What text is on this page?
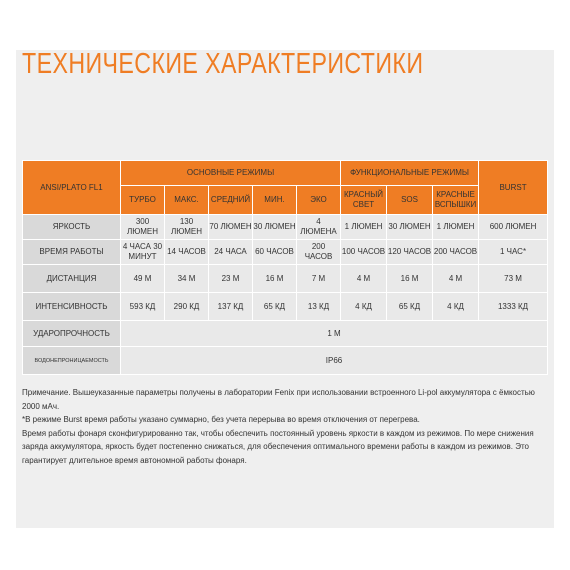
ТЕХНИЧЕСКИЕ ХАРАКТЕРИСТИКИ
ANSI/PLATO FL1	ОСНОВНЫЕ РЕЖИМЫ					ФУНКЦИОНАЛЬНЫЕ РЕЖИМЫ			BURST
	ТУРБО	МАКС.	СРЕДНИЙ	МИН.	ЭКО	КРАСНЫЙ СВЕТ	SOS	КРАСНЫЕ ВСПЫШКИ	
ЯРКОСТЬ	300 ЛЮМЕН	130 ЛЮМЕН	70 ЛЮМЕН	30 ЛЮМЕН	4 ЛЮМЕНА	1 ЛЮМЕН	30 ЛЮМЕН	1 ЛЮМЕН	600 ЛЮМЕН
ВРЕМЯ РАБОТЫ	4 ЧАСА 30 МИНУТ	14 ЧАСОВ	24 ЧАСА	60 ЧАСОВ	200 ЧАСОВ	100 ЧАСОВ	120 ЧАСОВ	200 ЧАСОВ	1 ЧАС*
ДИСТАНЦИЯ	49 М	34 М	23 М	16 М	7 М	4 М	16 М	4 М	73 М
ИНТЕНСИВНОСТЬ	593 КД	290 КД	137 КД	65 КД	13 КД	4 КД	65 КД	4 КД	1333 КД
УДАРОПРОЧНОСТЬ	1 М								
ВОДОНЕПРОНИЦАЕМОСТЬ	IP66								

Примечание. Вышеуказанные параметры получены в лаборатории Fenix при использовании встроенного Li-pol аккумулятора с ёмкостью 2000 мАч.

*В режиме Burst время работы указано суммарно, без учета перерыва во время отключения от перегрева.

Время работы фонаря сконфигурированно так, чтобы обеспечить постоянный уровень яркости в каждом из режимов. По мере снижения заряда аккумулятора, яркость будет постепенно снижаться, для обеспечения оптимального времени работы в каждом из режимов. Это гарантирует длительное время автономной работы фонаря.
